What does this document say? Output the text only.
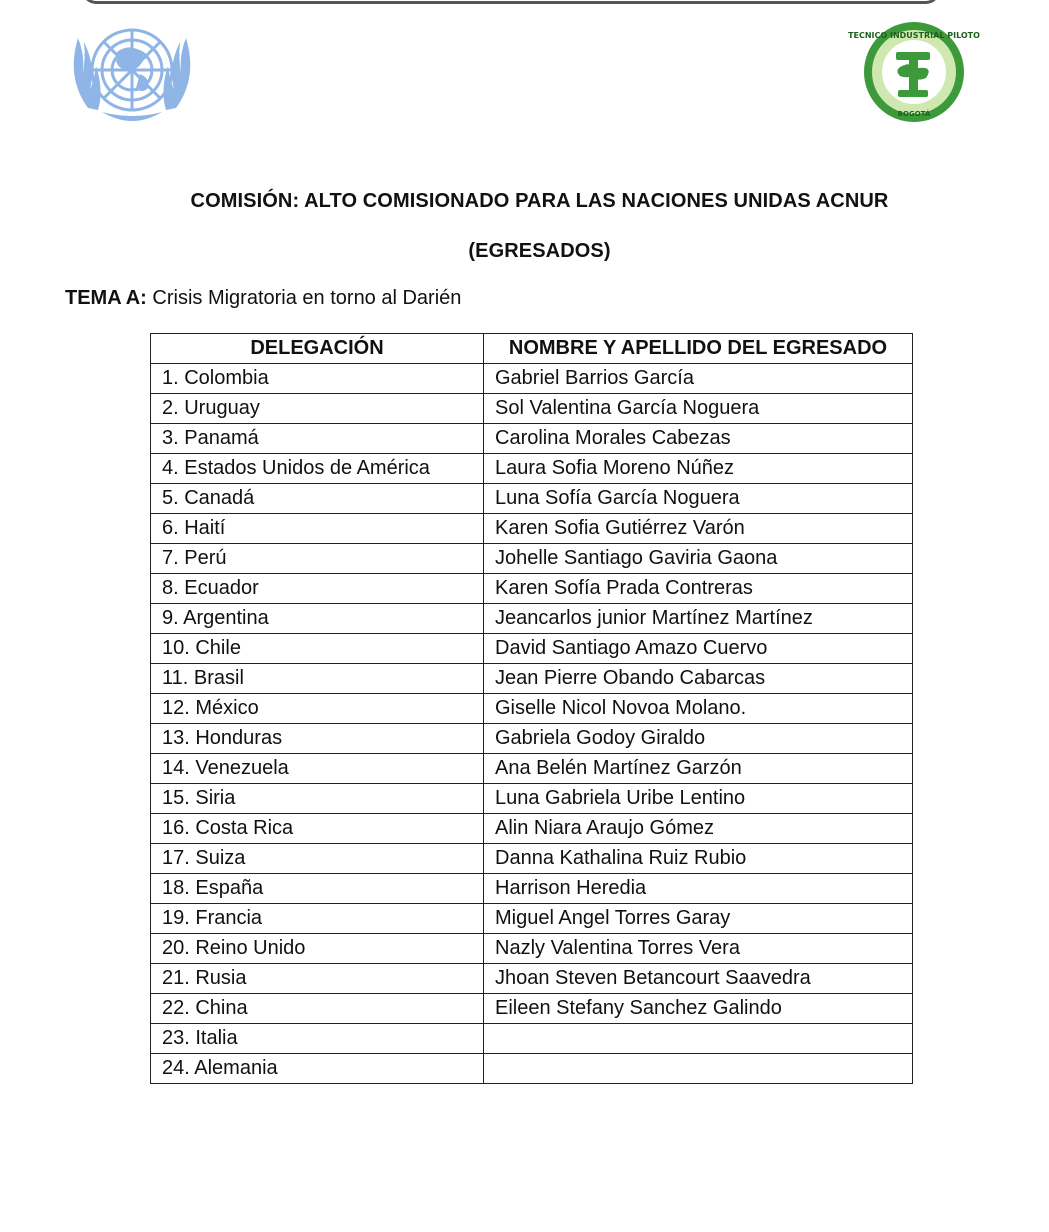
TECNICO INDUSTRIAL PILOTO
BOGOTÁ
COMISIÓN: ALTO COMISIONADO PARA LAS NACIONES UNIDAS ACNUR
(EGRESADOS)
TEMA A: Crisis Migratoria en torno al Darién
DELEGACIÓN	NOMBRE Y APELLIDO DEL EGRESADO
1. Colombia	Gabriel Barrios García
2. Uruguay	Sol Valentina García Noguera
3. Panamá	Carolina Morales Cabezas
4. Estados Unidos de América	Laura Sofia Moreno Núñez
5. Canadá	Luna Sofía García Noguera
6. Haití	Karen Sofia Gutiérrez Varón
7. Perú	Johelle Santiago Gaviria Gaona
8. Ecuador	Karen Sofía Prada Contreras
9. Argentina	Jeancarlos junior Martínez Martínez
10. Chile	David Santiago Amazo Cuervo
11. Brasil	Jean Pierre Obando Cabarcas
12. México	Giselle Nicol Novoa Molano.
13. Honduras	Gabriela Godoy Giraldo
14. Venezuela	Ana Belén Martínez Garzón
15. Siria	Luna Gabriela Uribe Lentino
16. Costa Rica	Alin Niara Araujo Gómez
17. Suiza	Danna Kathalina Ruiz Rubio
18. España	Harrison Heredia
19. Francia	Miguel Angel Torres Garay
20. Reino Unido	Nazly Valentina Torres Vera
21. Rusia	Jhoan Steven Betancourt Saavedra
22. China	Eileen Stefany Sanchez Galindo
23. Italia	
24. Alemania	
